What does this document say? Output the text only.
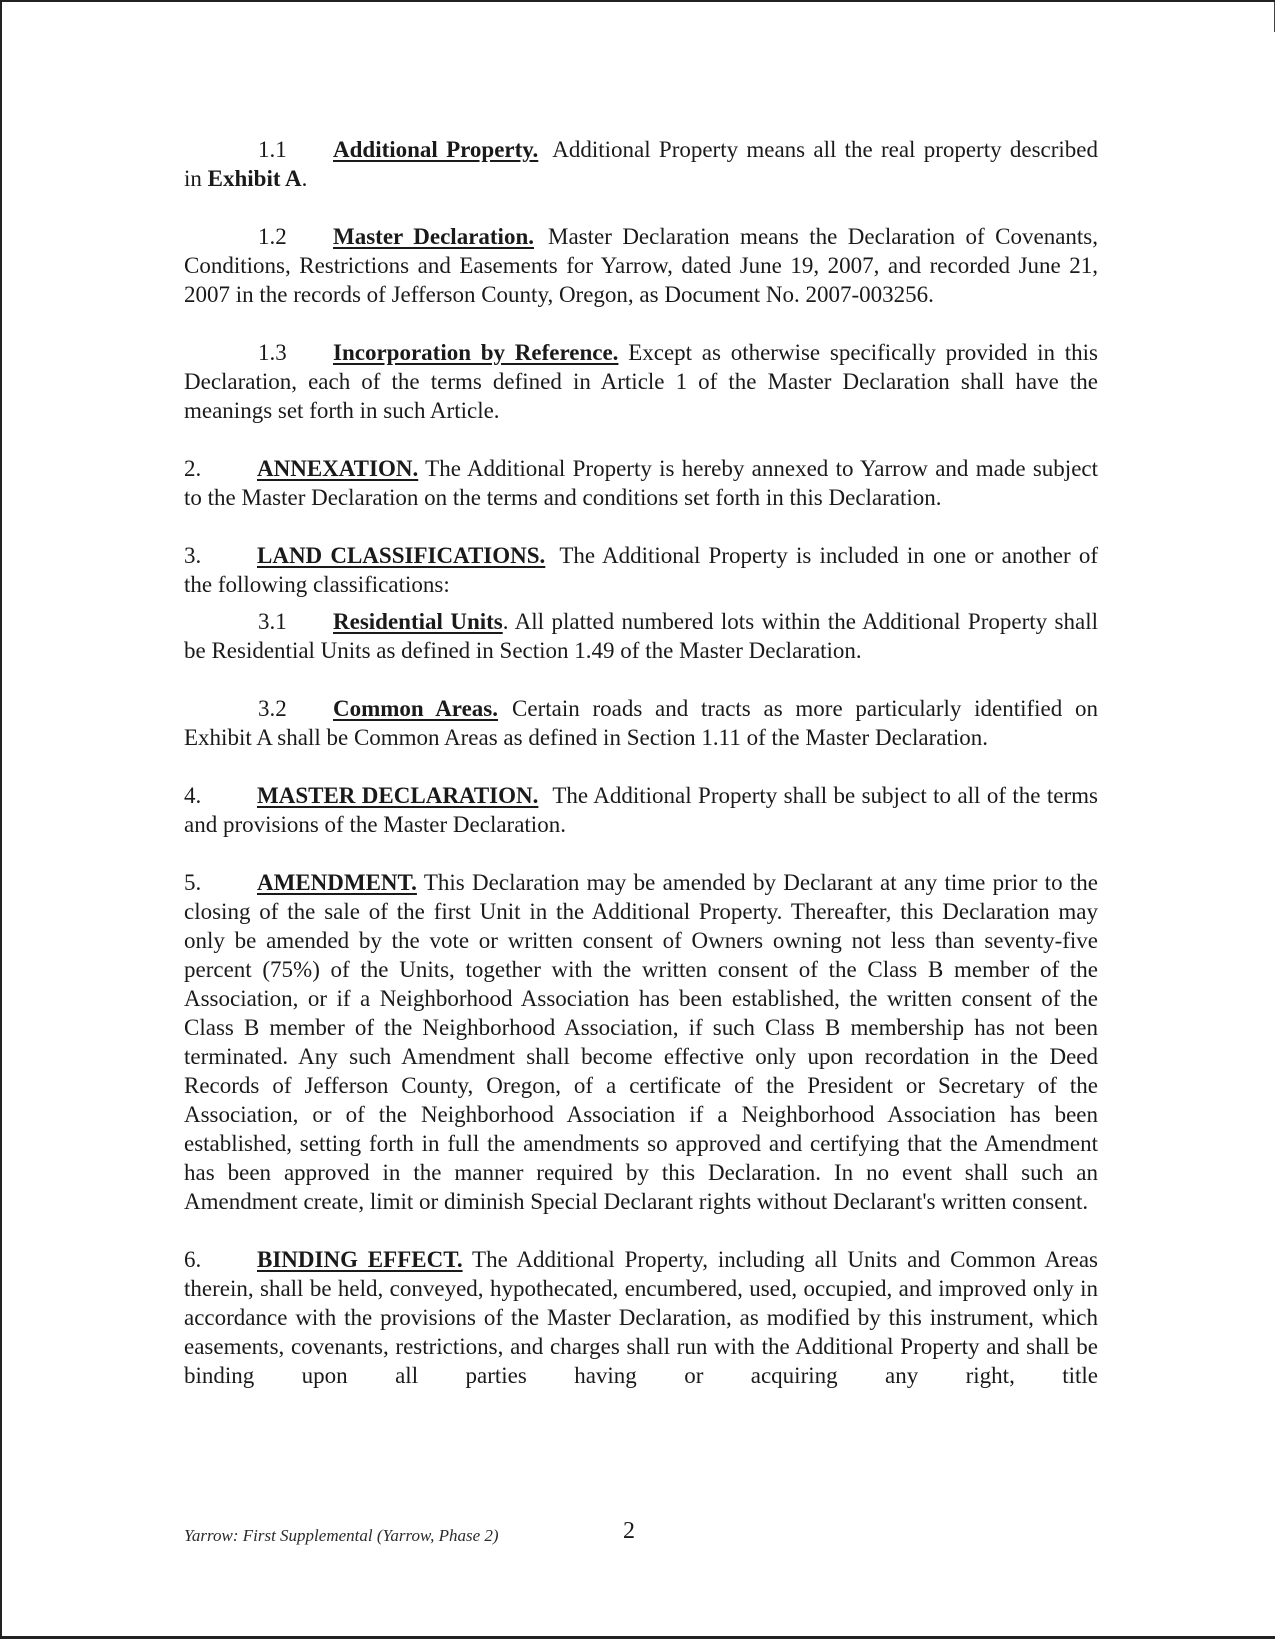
1.1 Additional Property. Additional Property means all the real property described in Exhibit A.

1.2 Master Declaration. Master Declaration means the Declaration of Covenants, Conditions, Restrictions and Easements for Yarrow, dated June 19, 2007, and recorded June 21, 2007 in the records of Jefferson County, Oregon, as Document No. 2007-003256.

1.3 Incorporation by Reference. Except as otherwise specifically provided in this Declaration, each of the terms defined in Article 1 of the Master Declaration shall have the meanings set forth in such Article.

2. ANNEXATION. The Additional Property is hereby annexed to Yarrow and made subject to the Master Declaration on the terms and conditions set forth in this Declaration.

3. LAND CLASSIFICATIONS. The Additional Property is included in one or another of the following classifications:

3.1 Residential Units. All platted numbered lots within the Additional Property shall be Residential Units as defined in Section 1.49 of the Master Declaration.

3.2 Common Areas. Certain roads and tracts as more particularly identified on Exhibit A shall be Common Areas as defined in Section 1.11 of the Master Declaration.

4. MASTER DECLARATION. The Additional Property shall be subject to all of the terms and provisions of the Master Declaration.

5. AMENDMENT. This Declaration may be amended by Declarant at any time prior to the closing of the sale of the first Unit in the Additional Property. Thereafter, this Declaration may only be amended by the vote or written consent of Owners owning not less than seventy-five percent (75%) of the Units, together with the written consent of the Class B member of the Association, or if a Neighborhood Association has been established, the written consent of the Class B member of the Neighborhood Association, if such Class B membership has not been terminated. Any such Amendment shall become effective only upon recordation in the Deed Records of Jefferson County, Oregon, of a certificate of the President or Secretary of the Association, or of the Neighborhood Association if a Neighborhood Association has been established, setting forth in full the amendments so approved and certifying that the Amendment has been approved in the manner required by this Declaration. In no event shall such an Amendment create, limit or diminish Special Declarant rights without Declarant's written consent.

6. BINDING EFFECT. The Additional Property, including all Units and Common Areas therein, shall be held, conveyed, hypothecated, encumbered, used, occupied, and improved only in accordance with the provisions of the Master Declaration, as modified by this instrument, which easements, covenants, restrictions, and charges shall run with the Additional Property and shall be binding upon all parties having or acquiring any right, title

Yarrow: First Supplemental (Yarrow, Phase 2)	2
